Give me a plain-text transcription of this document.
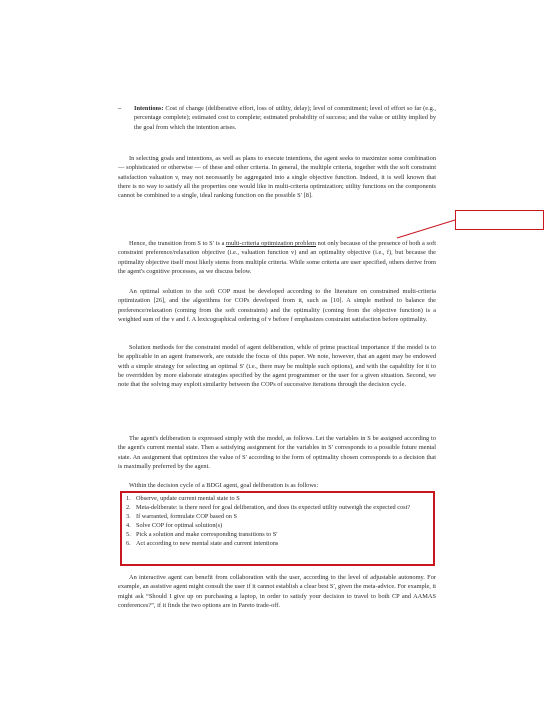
– Intentions: Cost of change (deliberative effort, loss of utility, delay); level of commitment; level of effort so far (e.g., percentage complete); estimated cost to complete; estimated probability of success; and the value or utility implied by the goal from which the intention arises.

In selecting goals and intentions, as well as plans to execute intentions, the agent seeks to maximize some combination — sophisticated or otherwise — of these and other criteria. In general, the multiple criteria, together with the soft constraint satisfaction valuation v, may not necessarily be aggregated into a single objective function. Indeed, it is well known that there is no way to satisfy all the properties one would like in multi-criteria optimization; utility functions on the components cannot be combined to a single, ideal ranking function on the possible S′ [8].

Hence, the transition from S to S′ is a multi-criteria optimization problem not only because of the presence of both a soft constraint preference/relaxation objective (i.e., valuation function v) and an optimality objective (i.e., f), but because the optimality objective itself most likely stems from multiple criteria. While some criteria are user specified, others derive from the agent's cognitive processes, as we discuss below.

An optimal solution to the soft COP must be developed according to the literature on constrained multi-criteria optimization [26], and the algorithms for COPs developed from it, such as [10]. A simple method to balance the preference/relaxation (coming from the soft constraints) and the optimality (coming from the objective function) is a weighted sum of the v and f. A lexicographical ordering of v before f emphasizes constraint satisfaction before optimality.

Solution methods for the constraint model of agent deliberation, while of prime practical importance if the model is to be applicable in an agent framework, are outside the focus of this paper. We note, however, that an agent may be endowed with a simple strategy for selecting an optimal S′ (i.e., there may be multiple such options), and with the capability for it to be overridden by more elaborate strategies specified by the agent programmer or the user for a given situation. Second, we note that the solving may exploit similarity between the COPs of successive iterations through the decision cycle.

The agent's deliberation is expressed simply with the model, as follows. Let the variables in S be assigned according to the agent's current mental state. Then a satisfying assignment for the variables in S′ corresponds to a possible future mental state. An assignment that optimizes the value of S′ according to the form of optimality chosen corresponds to a decision that is maximally preferred by the agent.

Within the decision cycle of a BDGI agent, goal deliberation is as follows:

1. Observe, update current mental state to S
2. Meta-deliberate: is there need for goal deliberation, and does its expected utility outweigh the expected cost?
3. If warranted, formulate COP based on S
4. Solve COP for optimal solution(s)
5. Pick a solution and make corresponding transitions to S′
6. Act according to new mental state and current intentions

An interactive agent can benefit from collaboration with the user, according to the level of adjustable autonomy. For example, an assistive agent might consult the user if it cannot establish a clear best S′, given the meta-advice. For example, it might ask “Should I give up on purchasing a laptop, in order to satisfy your decision to travel to both CP and AAMAS conferences?”, if it finds the two options are in Pareto trade-off.
